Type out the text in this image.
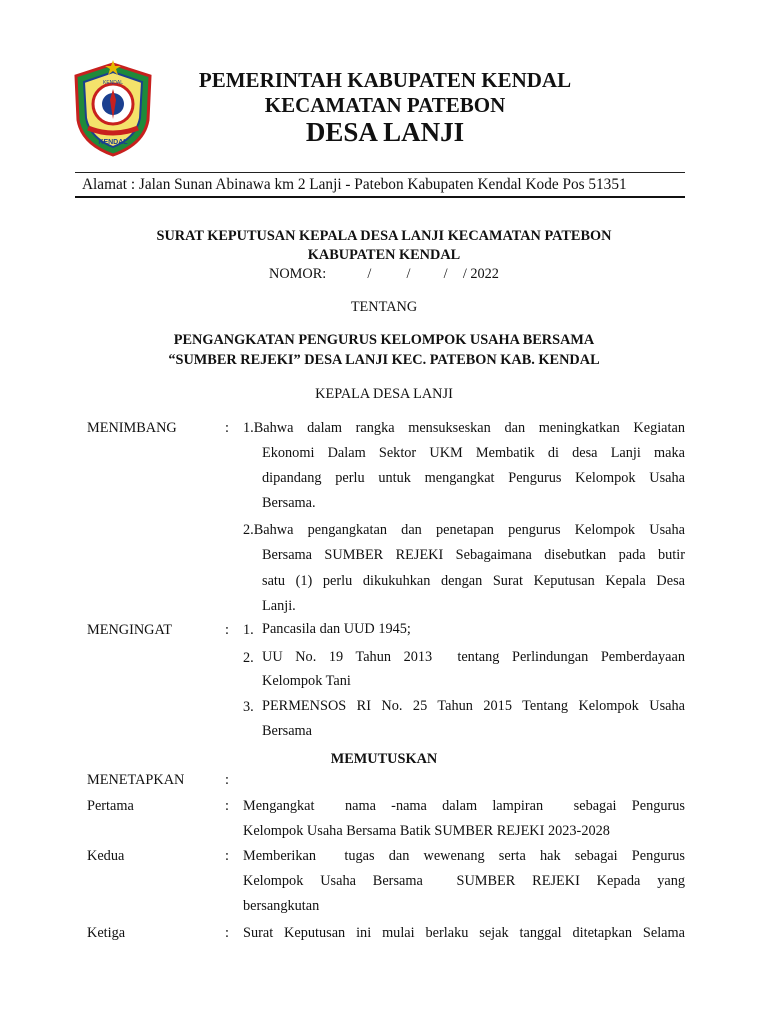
KENDAL
KENDAL
PEMERINTAH KABUPATEN KENDAL
KECAMATAN PATEBON
DESA LANJI
Alamat : Jalan Sunan Abinawa km 2 Lanji - Patebon Kabupaten Kendal Kode Pos 51351
SURAT KEPUTUSAN KEPALA DESA LANJI KECAMATAN PATEBON
KABUPATEN KENDAL
NOMOR:	/ / / / 2022
TENTANG
PENGANGKATAN PENGURUS KELOMPOK USAHA BERSAMA
“SUMBER REJEKI” DESA LANJI KEC. PATEBON KAB. KENDAL
KEPALA DESA LANJI
MENIMBANG	: 1.Bahwa dalam rangka mensukseskan dan meningkatkan Kegiatan
Ekonomi Dalam Sektor UKM Membatik di desa Lanji maka
dipandang perlu untuk mengangkat Pengurus Kelompok Usaha
Bersama.
2.Bahwa pengangkatan dan penetapan pengurus Kelompok Usaha
Bersama SUMBER REJEKI Sebagaimana disebutkan pada butir
satu (1) perlu dikukuhkan dengan Surat Keputusan Kepala Desa
Lanji.
MENGINGAT	: 1. Pancasila dan UUD 1945;
2. UU No. 19 Tahun 2013  tentang Perlindungan Pemberdayaan
Kelompok Tani
3. PERMENSOS RI No. 25 Tahun 2015 Tentang Kelompok Usaha
Bersama
MEMUTUSKAN
MENETAPKAN	:
Pertama	: Mengangkat  nama -nama dalam lampiran  sebagai Pengurus
Kelompok Usaha Bersama Batik SUMBER REJEKI 2023-2028
Kedua	: Memberikan  tugas dan wewenang serta hak sebagai Pengurus
Kelompok Usaha Bersama  SUMBER REJEKI Kepada yang
bersangkutan
Ketiga	: Surat Keputusan ini mulai berlaku sejak tanggal ditetapkan Selama
